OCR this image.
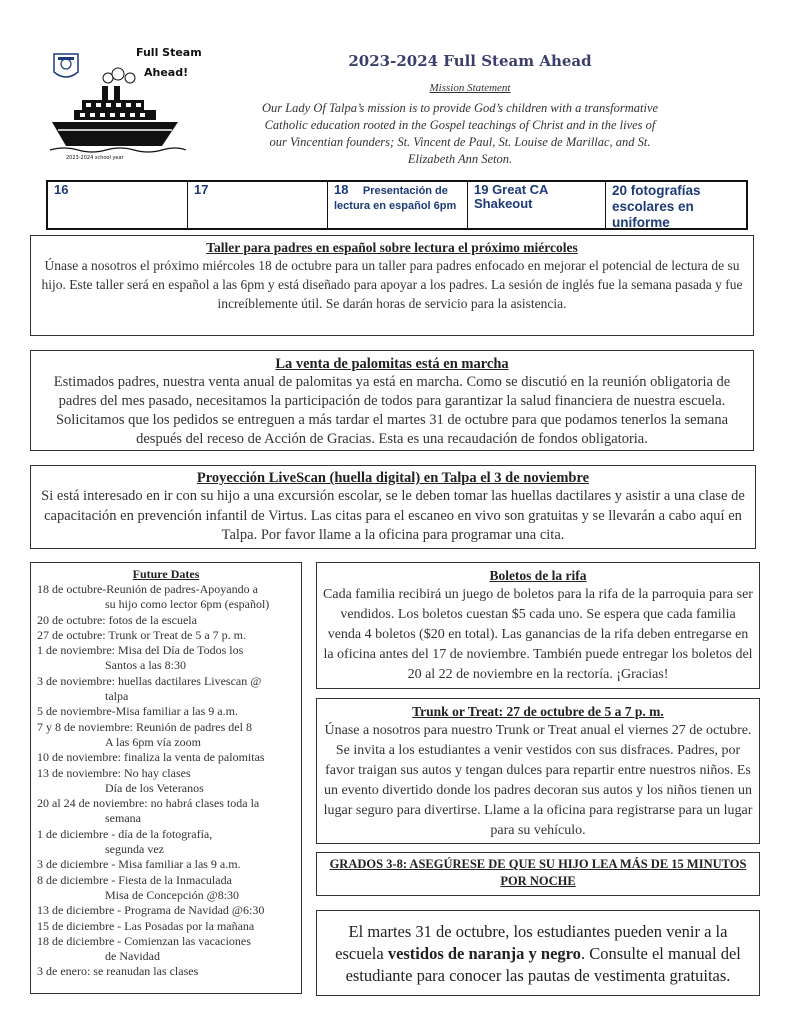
Full Steam
Ahead!
2023-2024 school year
2023-2024 Full Steam Ahead
Mission Statement
Our Lady Of Talpa’s mission is to provide God’s children with a transformative Catholic education rooted in the Gospel teachings of Christ and in the lives of our Vincentian founders; St. Vincent de Paul, St. Louise de Marillac, and St. Elizabeth Ann Seton.
16	17	18 Presentación de lectura en español 6pm
19 Great CA Shakeout
20 fotografías escolares en uniforme
Taller para padres en español sobre lectura el próximo miércoles

Únase a nosotros el próximo miércoles 18 de octubre para un taller para padres enfocado en mejorar el potencial de lectura de su hijo. Este taller será en español a las 6pm y está diseñado para apoyar a los padres. La sesión de inglés fue la semana pasada y fue increíblemente útil. Se darán horas de servicio para la asistencia.

La venta de palomitas está en marcha

Estimados padres, nuestra venta anual de palomitas ya está en marcha. Como se discutió en la reunión obligatoria de padres del mes pasado, necesitamos la participación de todos para garantizar la salud financiera de nuestra escuela. Solicitamos que los pedidos se entreguen a más tardar el martes 31 de octubre para que podamos tenerlos la semana después del receso de Acción de Gracias. Esta es una recaudación de fondos obligatoria.

Proyección LiveScan (huella digital) en Talpa el 3 de noviembre

Si está interesado en ir con su hijo a una excursión escolar, se le deben tomar las huellas dactilares y asistir a una clase de capacitación en prevención infantil de Virtus. Las citas para el escaneo en vivo son gratuitas y se llevarán a cabo aquí en Talpa. Por favor llame a la oficina para programar una cita.

Future Dates
18 de octubre-Reunión de padres-Apoyando a
su hijo como lector 6pm (español)
20 de octubre: fotos de la escuela
27 de octubre: Trunk or Treat de 5 a 7 p. m.
1 de noviembre: Misa del Día de Todos los
Santos a las 8:30
3 de noviembre: huellas dactilares Livescan @
talpa
5 de noviembre-Misa familiar a las 9 a.m.
7 y 8 de noviembre: Reunión de padres del 8
A las 6pm vía zoom
10 de noviembre: finaliza la venta de palomitas
13 de noviembre: No hay clases
Día de los Veteranos
20 al 24 de noviembre: no habrá clases toda la
semana
1 de diciembre - día de la fotografía,
segunda vez
3 de diciembre - Misa familiar a las 9 a.m.
8 de diciembre - Fiesta de la Inmaculada
Misa de Concepción @8:30
13 de diciembre - Programa de Navidad @6:30
15 de diciembre - Las Posadas por la mañana
18 de diciembre - Comienzan las vacaciones
de Navidad
3 de enero: se reanudan las clases
Boletos de la rifa

Cada familia recibirá un juego de boletos para la rifa de la parroquia para ser vendidos. Los boletos cuestan $5 cada uno. Se espera que cada familia venda 4 boletos ($20 en total). Las ganancias de la rifa deben entregarse en la oficina antes del 17 de noviembre. También puede entregar los boletos del 20 al 22 de noviembre en la rectoría. ¡Gracias!

Trunk or Treat: 27 de octubre de 5 a 7 p. m.

Únase a nosotros para nuestro Trunk or Treat anual el viernes 27 de octubre. Se invita a los estudiantes a venir vestidos con sus disfraces. Padres, por favor traigan sus autos y tengan dulces para repartir entre nuestros niños. Es un evento divertido donde los padres decoran sus autos y los niños tienen un lugar seguro para divertirse. Llame a la oficina para registrarse para un lugar para su vehículo.

GRADOS 3-8: ASEGÚRESE DE QUE SU HIJO LEA MÁS DE 15 MINUTOS POR NOCHE

El martes 31 de octubre, los estudiantes pueden venir a la escuela vestidos de naranja y negro. Consulte el manual del estudiante para conocer las pautas de vestimenta gratuitas.
